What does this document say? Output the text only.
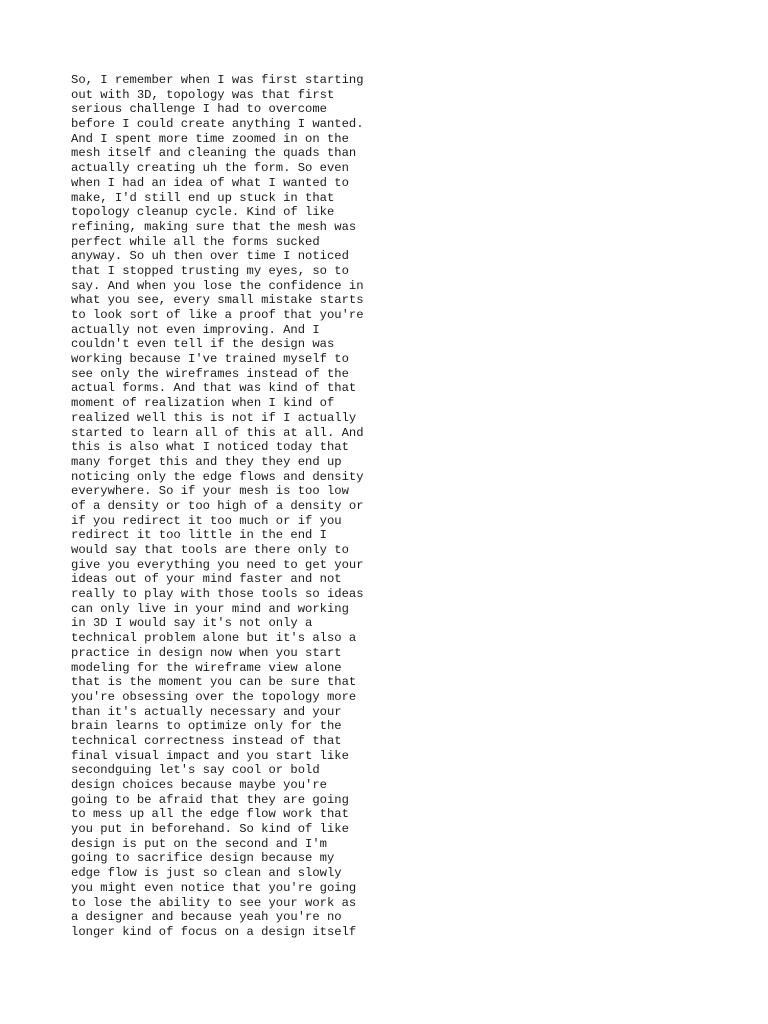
So, I remember when I was first starting
out with 3D, topology was that first
serious challenge I had to overcome
before I could create anything I wanted.
And I spent more time zoomed in on the
mesh itself and cleaning the quads than
actually creating uh the form. So even
when I had an idea of what I wanted to
make, I'd still end up stuck in that
topology cleanup cycle. Kind of like
refining, making sure that the mesh was
perfect while all the forms sucked
anyway. So uh then over time I noticed
that I stopped trusting my eyes, so to
say. And when you lose the confidence in
what you see, every small mistake starts
to look sort of like a proof that you're
actually not even improving. And I
couldn't even tell if the design was
working because I've trained myself to
see only the wireframes instead of the
actual forms. And that was kind of that
moment of realization when I kind of
realized well this is not if I actually
started to learn all of this at all. And
this is also what I noticed today that
many forget this and they they end up
noticing only the edge flows and density
everywhere. So if your mesh is too low
of a density or too high of a density or
if you redirect it too much or if you
redirect it too little in the end I
would say that tools are there only to
give you everything you need to get your
ideas out of your mind faster and not
really to play with those tools so ideas
can only live in your mind and working
in 3D I would say it's not only a
technical problem alone but it's also a
practice in design now when you start
modeling for the wireframe view alone
that is the moment you can be sure that
you're obsessing over the topology more
than it's actually necessary and your
brain learns to optimize only for the
technical correctness instead of that
final visual impact and you start like
secondguing let's say cool or bold
design choices because maybe you're
going to be afraid that they are going
to mess up all the edge flow work that
you put in beforehand. So kind of like
design is put on the second and I'm
going to sacrifice design because my
edge flow is just so clean and slowly
you might even notice that you're going
to lose the ability to see your work as
a designer and because yeah you're no
longer kind of focus on a design itself
